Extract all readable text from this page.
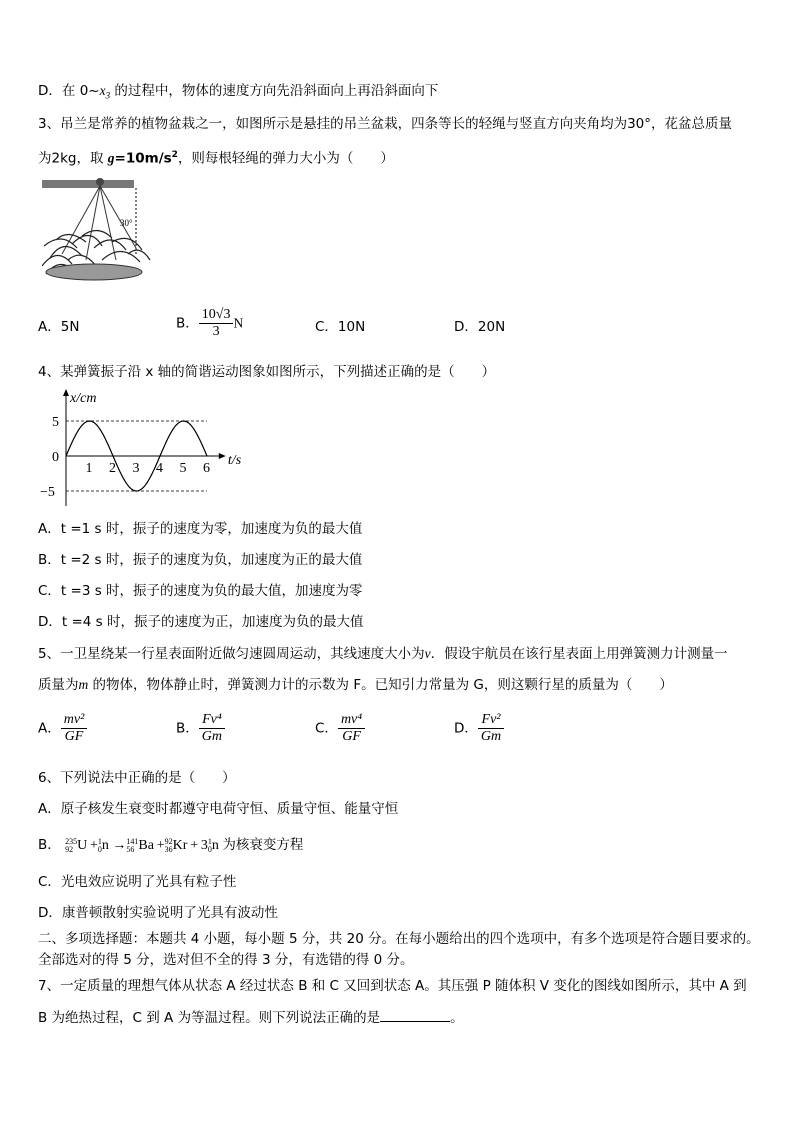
D．在 $0\sim x_3$ 的过程中，物体的速度方向先沿斜面向上再沿斜面向下
3、吊兰是常养的植物盆栽之一，如图所示是悬挂的吊兰盆栽，四条等长的轻绳与竖直方向夹角均为30°，花盆总质量
为2kg，取 $g=10m/s^2$，则每根轻绳的弹力大小为（　　）
30°
A．5N	B． $\frac{10√3}{3}$ N	C．10N	D．20N
4、某弹簧振子沿 x 轴的简谐运动图象如图所示，下列描述正确的是（　　）
x/cm
t/s
5
0
−5
1 2 3 4 5 6
A．t =1 s 时，振子的速度为零，加速度为负的最大值
B．t =2 s 时，振子的速度为负，加速度为正的最大值
C．t =3 s 时，振子的速度为负的最大值，加速度为零
D．t =4 s 时，振子的速度为正，加速度为负的最大值
5、一卫星绕某一行星表面附近做匀速圆周运动，其线速度大小为v．假设宇航员在该行星表面上用弹簧测力计测量一
质量为m 的物体，物体静止时，弹簧测力计的示数为 F。已知引力常量为 G，则这颗行星的质量为（　　）
A． $\frac{\text{mv²}}{GF}$	B． $\frac{\text{Fv⁴}}{Gm}$	C． $\frac{\text{mv⁴}}{GF}$	D． $\frac{\text{Fv²}}{Gm}$
6、下列说法中正确的是（　　）
A．原子核发生衰变时都遵守电荷守恒、质量守恒、能量守恒
B． 235
92 U + 1
0 n → 141
56 Ba + 92
36 Kr + 3 1
0 n 为核衰变方程
C．光电效应说明了光具有粒子性
D．康普顿散射实验说明了光具有波动性
二、多项选择题：本题共 4 小题，每小题 5 分，共 20 分。在每小题给出的四个选项中，有多个选项是符合题目要求的。
全部选对的得 5 分，选对但不全的得 3 分，有选错的得 0 分。
7、一定质量的理想气体从状态 A 经过状态 B 和 C 又回到状态 A。其压强 P 随体积 V 变化的图线如图所示，其中 A 到
B 为绝热过程，C 到 A 为等温过程。则下列说法正确的是	。
